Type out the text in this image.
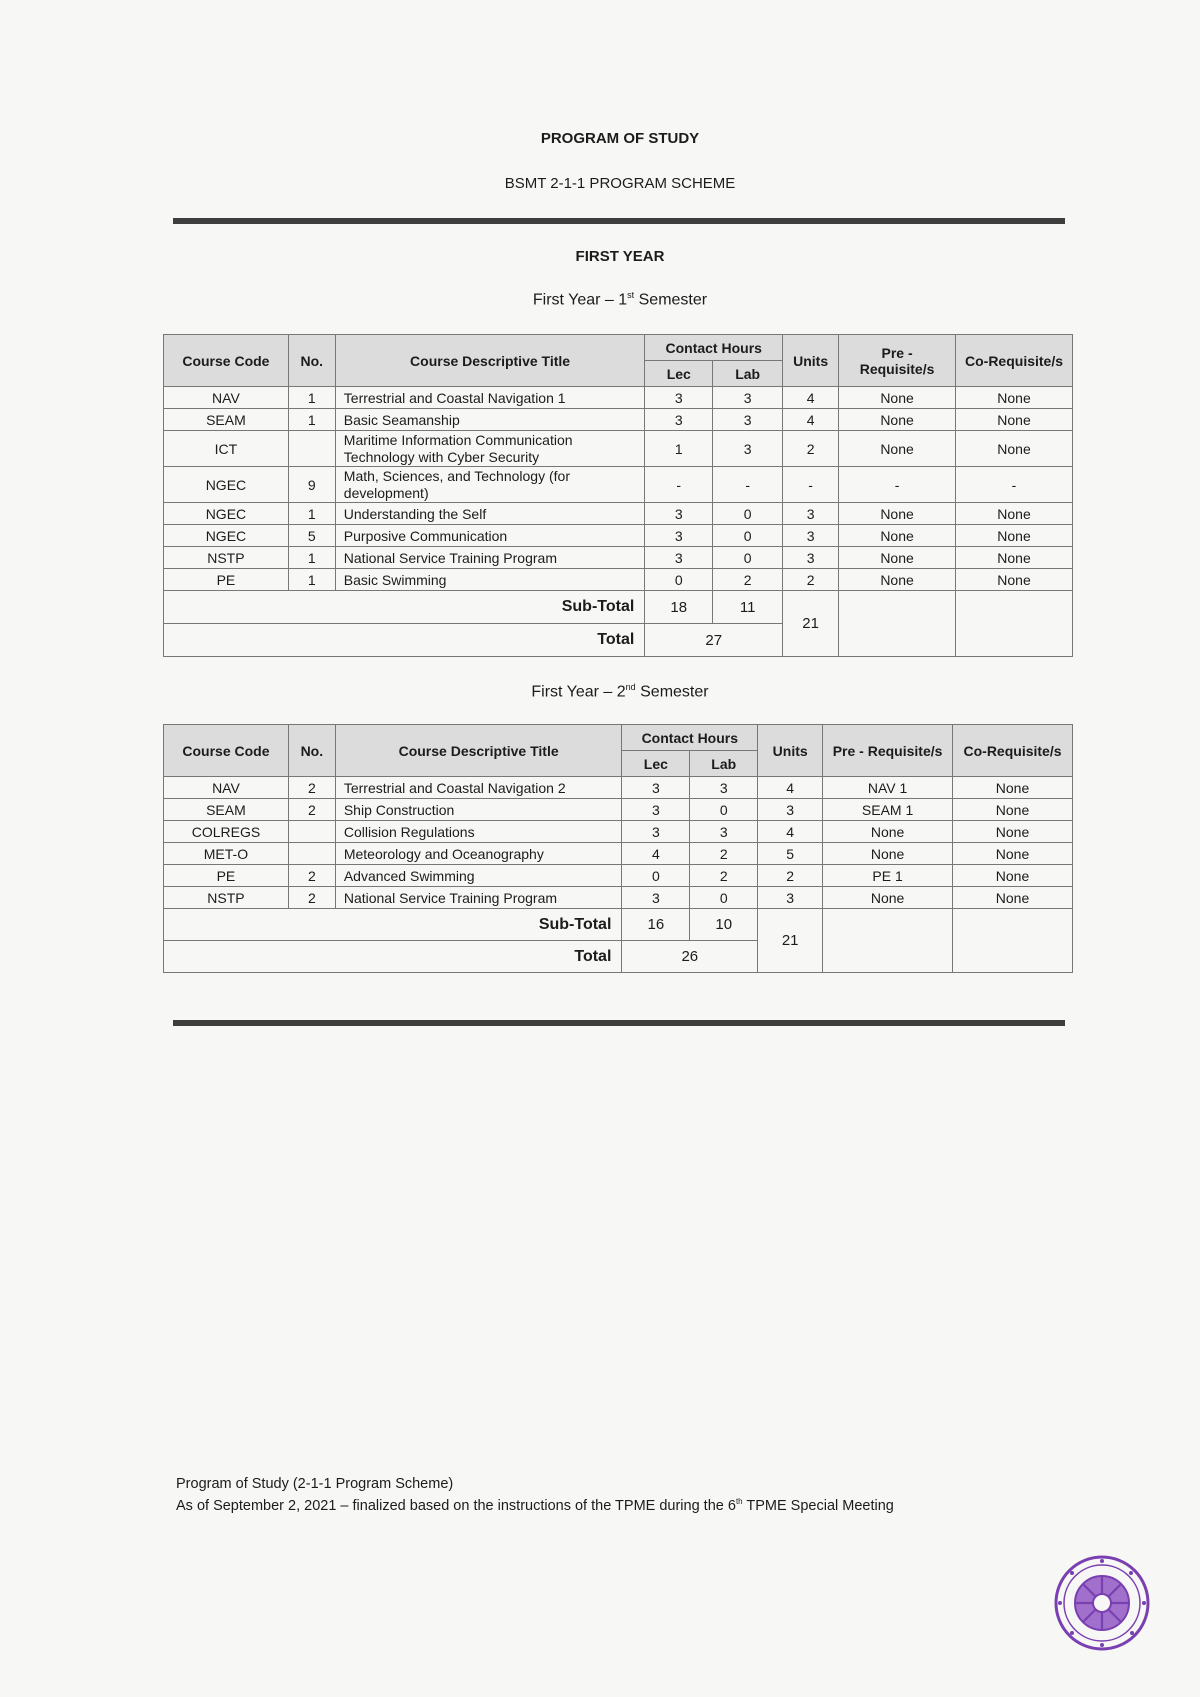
PROGRAM OF STUDY
BSMT 2-1-1 PROGRAM SCHEME
FIRST YEAR
First Year – 1st Semester
Course Code	No.	Course Descriptive Title	Contact Hours		Units	Pre - Requisite/s	Co-Requisite/s
			Lec	Lab			
NAV	1	Terrestrial and Coastal Navigation 1	3	3	4	None	None
SEAM	1	Basic Seamanship	3	3	4	None	None
ICT		Maritime Information Communication Technology with Cyber Security	1	3	2	None	None
NGEC	9	Math, Sciences, and Technology (for development)	-	-	-	-	-
NGEC	1	Understanding the Self	3	0	3	None	None
NGEC	5	Purposive Communication	3	0	3	None	None
NSTP	1	National Service Training Program	3	0	3	None	None
PE	1	Basic Swimming	0	2	2	None	None
Sub-Total			18	11	21		
Total			27				
First Year – 2nd Semester
Course Code	No.	Course Descriptive Title	Contact Hours		Units	Pre - Requisite/s	Co-Requisite/s
			Lec	Lab			
NAV	2	Terrestrial and Coastal Navigation 2	3	3	4	NAV 1	None
SEAM	2	Ship Construction	3	0	3	SEAM 1	None
COLREGS		Collision Regulations	3	3	4	None	None
MET-O		Meteorology and Oceanography	4	2	5	None	None
PE	2	Advanced Swimming	0	2	2	PE 1	None
NSTP	2	National Service Training Program	3	0	3	None	None
Sub-Total			16	10	21		
Total			26				
Program of Study (2-1-1 Program Scheme)
As of September 2, 2021 – finalized based on the instructions of the TPME during the 6th TPME Special Meeting
